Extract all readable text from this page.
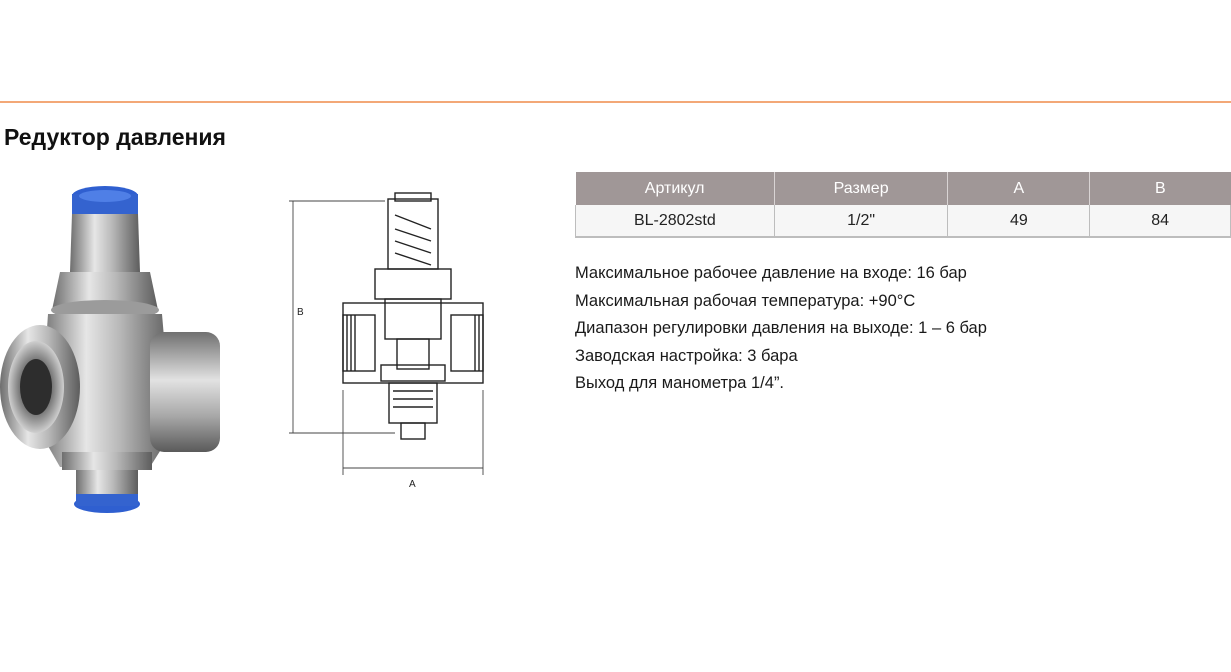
Редуктор давления
B
A
Артикул	Размер	A	B
BL-2802std	1/2"	49	84
Максимальное рабочее давление на входе: 16 бар
Максимальная рабочая температура: +90°С
Диапазон регулировки давления на выходе: 1 – 6 бар
Заводская настройка: 3 бара
Выход для манометра 1/4”.
